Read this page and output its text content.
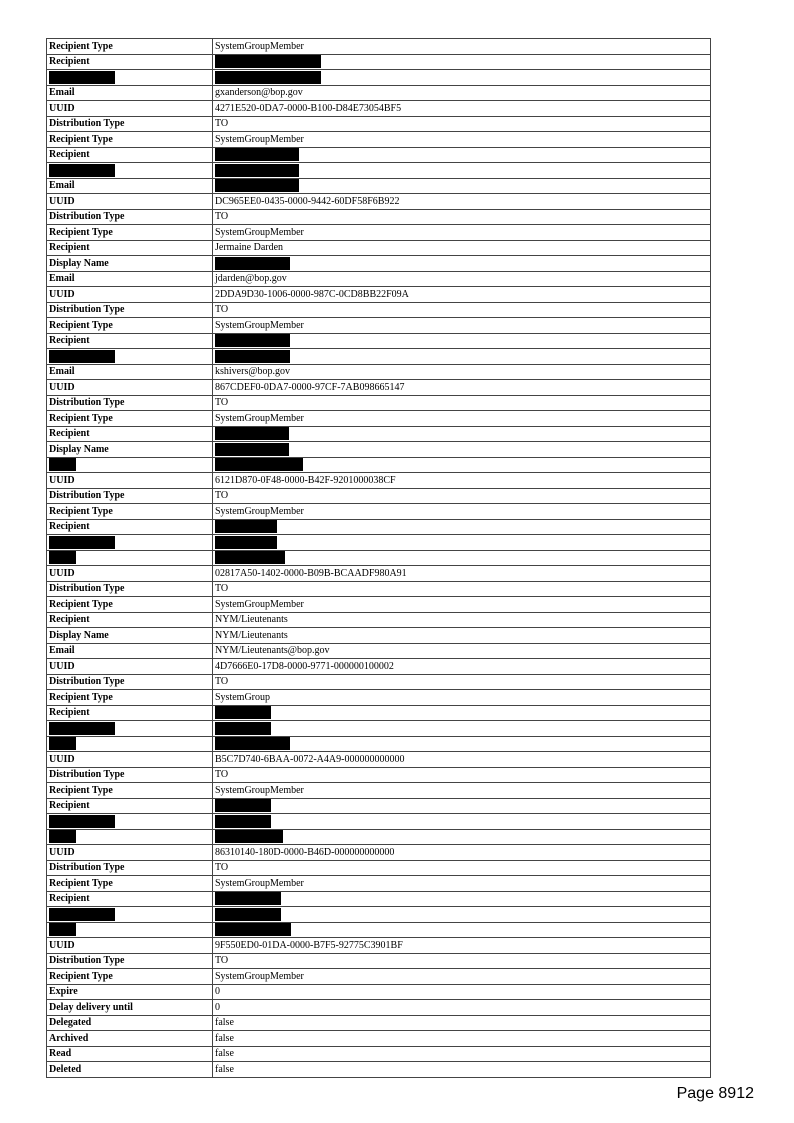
Recipient Type	SystemGroupMember
Recipient	

Email	gxanderson@bop.gov
UUID	4271E520-0DA7-0000-B100-D84E73054BF5
Distribution Type	TO
Recipient Type	SystemGroupMember
Recipient	

Email	
UUID	DC965EE0-0435-0000-9442-60DF58F6B922
Distribution Type	TO
Recipient Type	SystemGroupMember
Recipient	Jermaine Darden
Display Name	
Email	jdarden@bop.gov
UUID	2DDA9D30-1006-0000-987C-0CD8BB22F09A
Distribution Type	TO
Recipient Type	SystemGroupMember
Recipient	

Email	kshivers@bop.gov
UUID	867CDEF0-0DA7-0000-97CF-7AB098665147
Distribution Type	TO
Recipient Type	SystemGroupMember
Recipient	
Display Name	

UUID	6121D870-0F48-0000-B42F-9201000038CF
Distribution Type	TO
Recipient Type	SystemGroupMember
Recipient	

UUID	02817A50-1402-0000-B09B-BCAADF980A91
Distribution Type	TO
Recipient Type	SystemGroupMember
Recipient	NYM/Lieutenants
Display Name	NYM/Lieutenants
Email	NYM/Lieutenants@bop.gov
UUID	4D7666E0-17D8-0000-9771-000000100002
Distribution Type	TO
Recipient Type	SystemGroup
Recipient	

UUID	B5C7D740-6BAA-0072-A4A9-000000000000
Distribution Type	TO
Recipient Type	SystemGroupMember
Recipient	

UUID	86310140-180D-0000-B46D-000000000000
Distribution Type	TO
Recipient Type	SystemGroupMember
Recipient	

UUID	9F550ED0-01DA-0000-B7F5-92775C3901BF
Distribution Type	TO
Recipient Type	SystemGroupMember
Expire	0
Delay delivery until	0
Delegated	false
Archived	false
Read	false
Deleted	false
Page 8912
